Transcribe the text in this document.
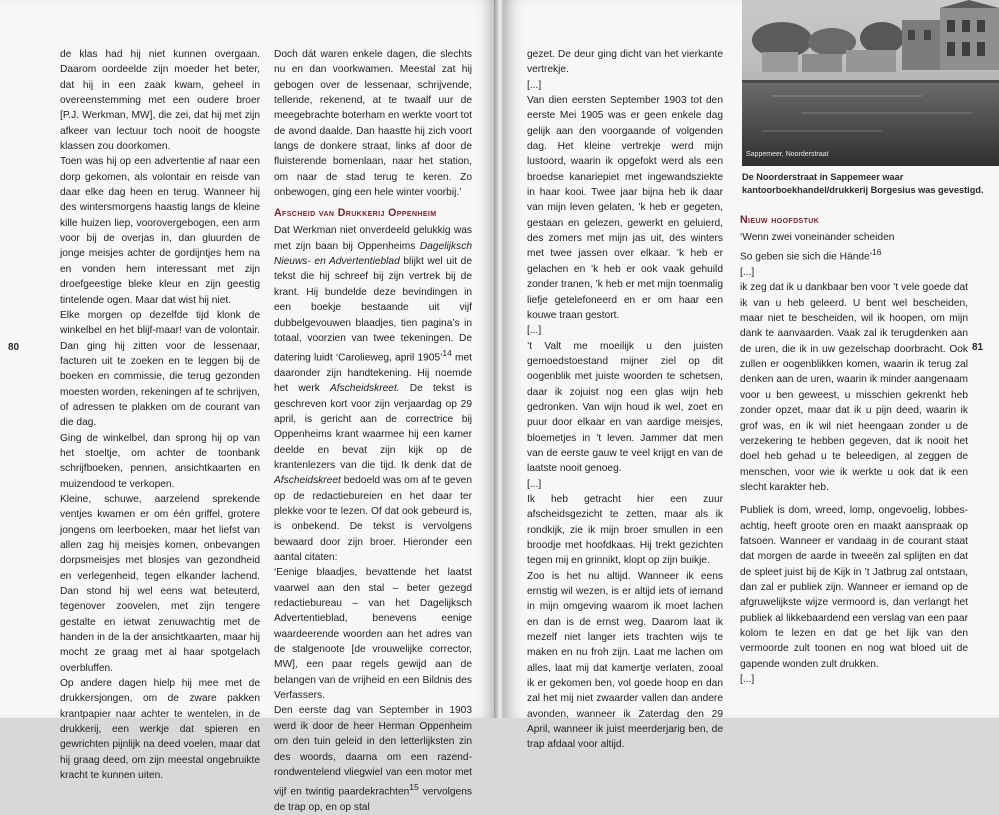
de klas had hij niet kunnen overgaan. Daarom oordeelde zijn moeder het beter, dat hij in een zaak kwam, geheel in overeenstemming met een oudere broer [P.J. Werkman, MW], die zei, dat hij met zijn afkeer van lectuur toch nooit de hoogste klassen zou doorkomen.

Toen was hij op een advertentie af naar een dorp gekomen, als volontair en reisde van daar elke dag heen en terug. Wanneer hij des wintersmorgens haastig langs de kleine kille huizen liep, voorovergebogen, een arm voor bij de overjas in, dan gluurden de jonge meisjes achter de gordijntjes hem na en vonden hem interessant met zijn droefgeestige bleke kleur en zijn geestig tintelende ogen. Maar dat wist hij niet.

Elke morgen op dezelfde tijd klonk de winkelbel en het blijf-maar! van de volontair. Dan ging hij zitten voor de lessenaar, facturen uit te zoeken en te leggen bij de boeken en commissie, die terug gezonden moesten worden, rekeningen af te schrijven, of adressen te plakken om de courant van die dag.

Ging de winkelbel, dan sprong hij op van het stoeltje, om achter de toonbank schrijfboeken, pennen, ansichtkaarten en muizendood te verkopen.

Kleine, schuwe, aarzelend sprekende ventjes kwamen er om één griffel, grotere jongens om leerboeken, maar het liefst van allen zag hij meisjes komen, onbevangen dorpsmeisjes met blosjes van gezondheid en verlegenheid, tegen elkander lachend. Dan stond hij wel eens wat beteuterd, tegenover zoovelen, met zijn tengere gestalte en ietwat zenuwachtig met de handen in de la der ansichtkaarten, maar hij mocht ze graag met al haar spotgelach overbluffen.

Op andere dagen hielp hij mee met de drukkersjongen, om de zware pakken krantpapier naar achter te wentelen, in de drukkerij, een werkje dat spieren en gewrichten pijnlijk na deed voelen, maar dat hij graag deed, om zijn meestal ongebruikte kracht te kunnen uiten.

Doch dát waren enkele dagen, die slechts nu en dan voorkwamen. Meestal zat hij gebogen over de lessenaar, schrijvende, tellende, rekenend, at te twaalf uur de meegebrachte boterham en werkte voort tot de avond daalde. Dan haastte hij zich voort langs de donkere straat, links af door de fluisterende bomenlaan, naar het station, om naar de stad terug te keren. Zo onbewogen, ging een hele winter voorbij.’

Afscheid van Drukkerij Oppenheim

Dat Werkman niet onverdeeld gelukkig was met zijn baan bij Oppenheims Dagelijksch Nieuws- en Advertentieblad blijkt wel uit de tekst die hij schreef bij zijn vertrek bij de krant. Hij bundelde deze bevindingen in een boekje bestaande uit vijf dubbelgevouwen blaadjes, tien pagina’s in totaal, voorzien van twee tekeningen. De datering luidt ‘Carolieweg, april 1905’$^{14}$ met daaronder zijn handtekening. Hij noemde het werk Afscheidskreet. De tekst is geschreven kort voor zijn verjaardag op 29 april, is gericht aan de correctrice bij Oppenheims krant waarmee hij een kamer deelde en bevat zijn kijk op de krantenlezers van die tijd. Ik denk dat de Afscheidskreet bedoeld was om af te geven op de redactiebureien en het daar ter plekke voor te lezen. Of dat ook gebeurd is, is onbekend. De tekst is vervolgens bewaard door zijn broer. Hieronder een aantal citaten:

‘Eenige blaadjes, bevattende het laatst vaarwel aan den stal – beter gezegd redactiebureau – van het Dagelijksch Advertentieblad, benevens eenige waardeerende woorden aan het adres van de stalgenoote [de vrouwelijke corrector, MW], een paar regels gewijd aan de belangen van de vrijheid en een Bildnis des Verfassers.

Den eerste dag van September in 1903 werd ik door de heer Herman Oppenheim om den tuin geleid in den letterlijksten zin des woords, daarna om een razend-rondwentelend vliegwiel van een motor met vijf en twintig paardekrachten$^{15}$ vervolgens de trap op, en op stal

80

gezet. De deur ging dicht van het vierkante vertrekje.

[...]

Van dien eersten September 1903 tot den eerste Mei 1905 was er geen enkele dag gelijk aan den voorgaande of volgenden dag. Het kleine vertrekje werd mijn lustoord, waarin ik opgefokt werd als een broedse kanariepiet met ingewandsziekte in haar kooi. Twee jaar bijna heb ik daar van mijn leven gelaten, ’k heb er gegeten, gestaan en gelezen, gewerkt en geluierd, des zomers met mijn jas uit, des winters met twee jassen over elkaar. ’k heb er gelachen en ’k heb er ook vaak gehuild zonder tranen, ’k heb er met mijn toenmalig liefje getelefoneerd en er om haar een kouwe traan gestort.

[...]

’t Valt me moeilijk u den juisten gemoedstoestand mijner ziel op dit oogenblik met juiste woorden te schetsen, daar ik zojuist nog een glas wijn heb gedronken. Van wijn houd ik wel, zoet en puur door elkaar en van aardige meisjes, bloemetjes in ’t leven. Jammer dat men van de eerste gauw te veel krijgt en van de laatste nooit genoeg.

[...]

Ik heb getracht hier een zuur afscheidsgezicht te zetten, maar als ik rondkijk, zie ik mijn broer smullen in een broodje met hoofdkaas. Hij trekt gezichten tegen mij en grinnikt, klopt op zijn buikje.

Zoo is het nu altijd. Wanneer ik eens ernstig wil wezen, is er altijd iets of iemand in mijn omgeving waarom ik moet lachen en dan is de ernst weg. Daarom laat ik mezelf niet langer iets trachten wijs te maken en nu froh zijn. Laat me lachen om alles, laat mij dat kamertje verlaten, zooal ik er gekomen ben, vol goede hoop en dan zal het mij niet zwaarder vallen dan andere avonden, wanneer ik Zaterdag den 29 April, wanneer ik juist meerderjarig ben, de trap afdaal voor altijd.

Sappemeer, Noorderstraat
De Noorderstraat in Sappemeer waar kantoorboekhandel/drukkerij Borgesius was gevestigd.
Nieuw hoofdstuk

‘Wenn zwei voneinander scheiden

So geben sie sich die Hände’$^{16}$

[...]

ik zeg dat ik u dankbaar ben voor ’t vele goede dat ik van u heb geleerd. U bent wel bescheiden, maar niet te bescheiden, wil ik hoopen, om mijn dank te aanvaarden. Vaak zal ik terugdenken aan de uren, die ik in uw gezelschap doorbracht. Ook zullen er oogenblikken komen, waarin ik terug zal denken aan de uren, waarin ik minder aangenaam voor u ben geweest, u misschien gekrenkt heb zonder opzet, maar dat ik u pijn deed, waarin ik grof was, en ik wil niet heengaan zonder u de verzekering te hebben gegeven, dat ik nooit het doel heb gehad u te beleedigen, al zeggen de menschen, voor wie ik werkte u ook dat ik een slecht karakter heb.

Publiek is dom, wreed, lomp, ongevoelig, lobbes-achtig, heeft groote oren en maakt aanspraak op fatsoen. Wanneer er vandaag in de courant staat dat morgen de aarde in tweeën zal splijten en dat de spleet juist bij de Kijk in ’t Jatbrug zal ontstaan, dan zal er publiek zijn. Wanneer er iemand op de afgruwelijkste wijze vermoord is, dan verlangt het publiek al likkebaardend een verslag van een paar kolom te lezen en dat ge het lijk van den vermoorde zult toonen en nog wat bloed uit de gapende wonden zult drukken.

[...]

81
